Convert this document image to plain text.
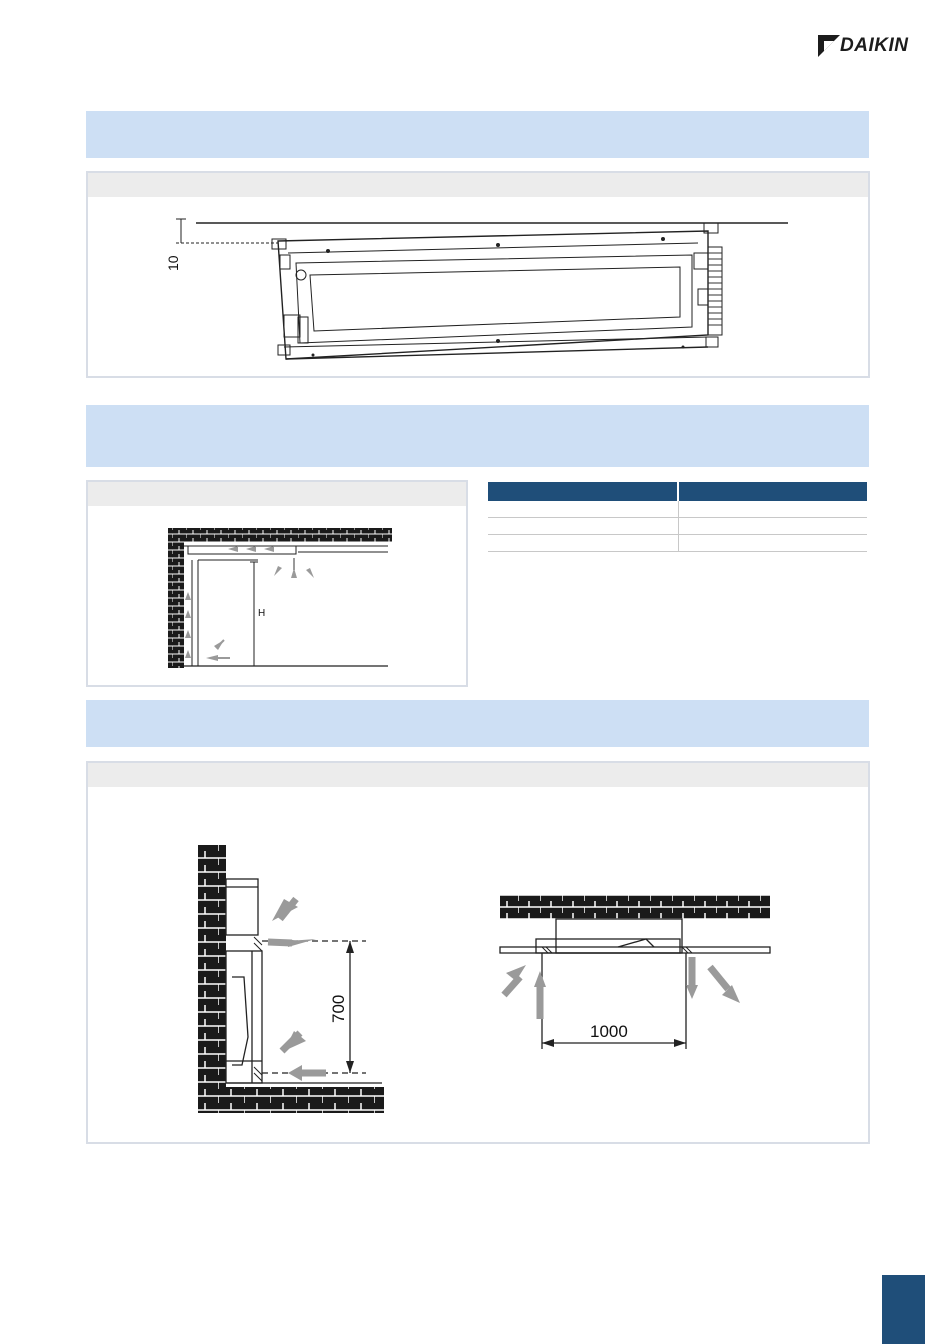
DAIKIN
10
H

700
1000
